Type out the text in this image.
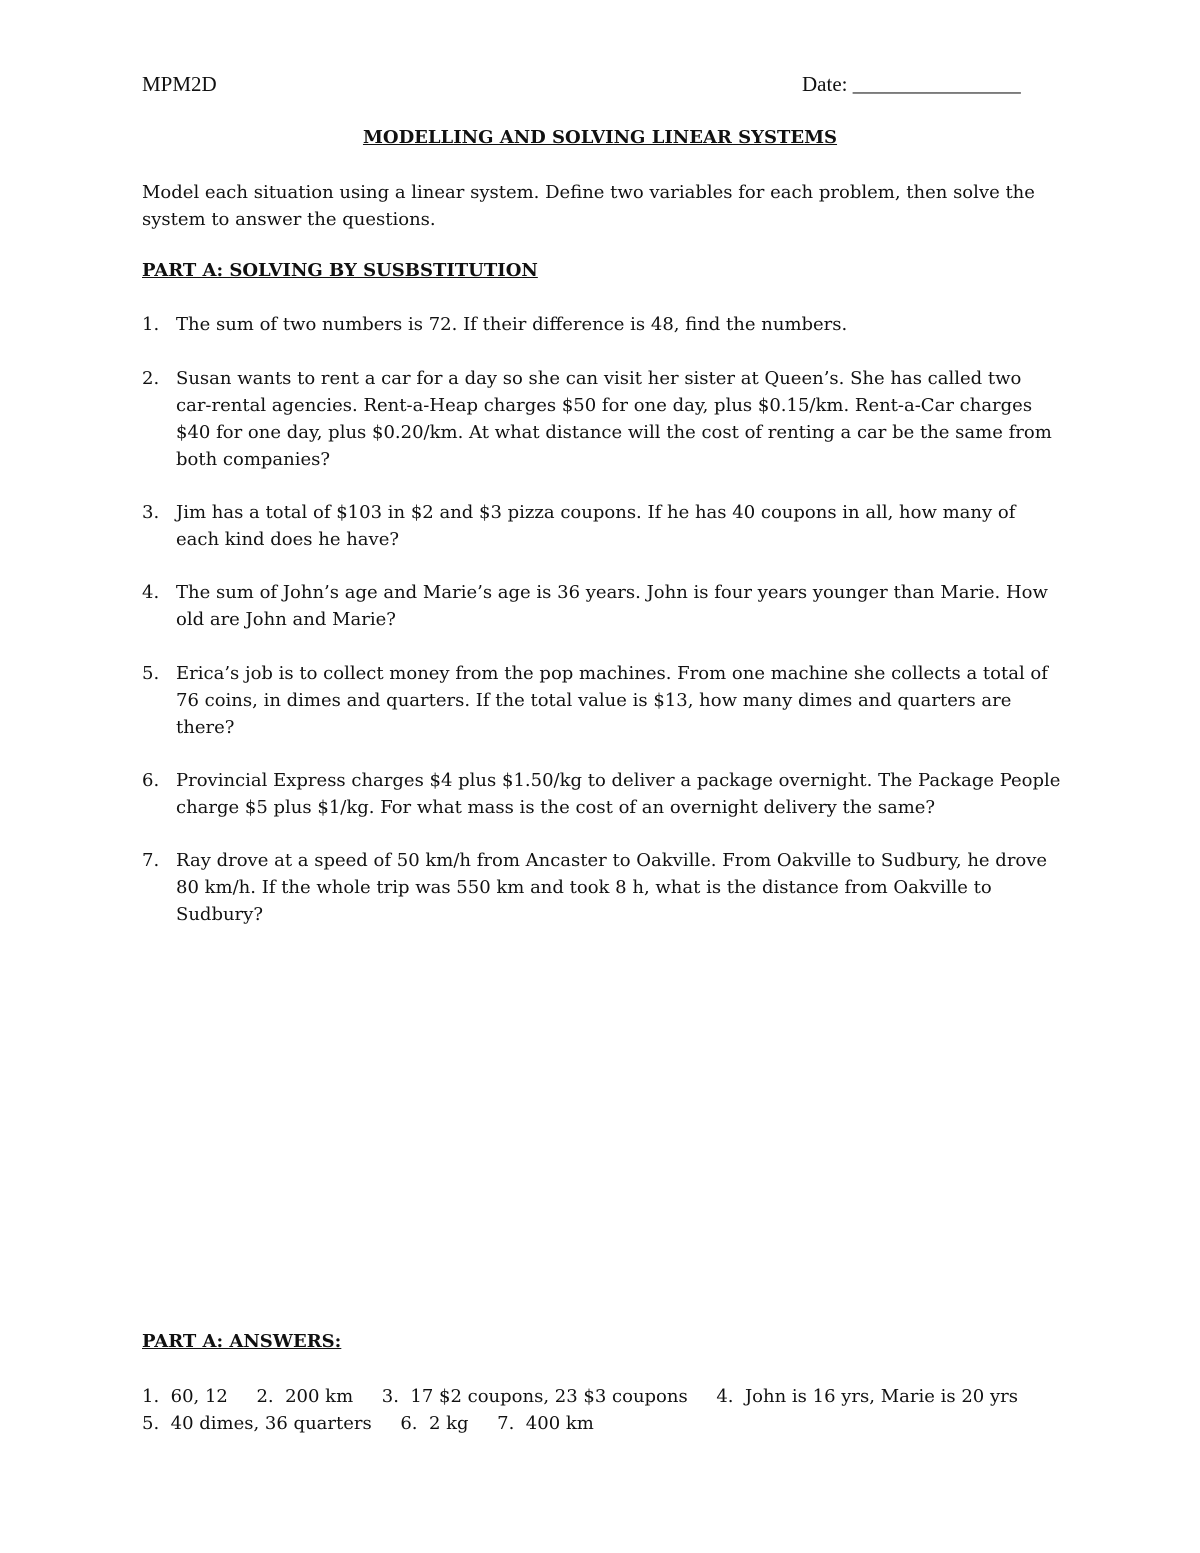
MPM2D	Date: ________________
MODELLING AND SOLVING LINEAR SYSTEMS
Model each situation using a linear system. Define two variables for each problem, then solve the system to answer the questions.
PART A: SOLVING BY SUSBSTITUTION
1. The sum of two numbers is 72. If their difference is 48, find the numbers.
2. Susan wants to rent a car for a day so she can visit her sister at Queen’s. She has called two car-rental agencies. Rent-a-Heap charges $50 for one day, plus $0.15/km. Rent-a-Car charges $40 for one day, plus $0.20/km. At what distance will the cost of renting a car be the same from both companies?
3. Jim has a total of $103 in $2 and $3 pizza coupons. If he has 40 coupons in all, how many of each kind does he have?
4. The sum of John’s age and Marie’s age is 36 years. John is four years younger than Marie. How old are John and Marie?
5. Erica’s job is to collect money from the pop machines. From one machine she collects a total of 76 coins, in dimes and quarters. If the total value is $13, how many dimes and quarters are there?
6. Provincial Express charges $4 plus $1.50/kg to deliver a package overnight. The Package People charge $5 plus $1/kg. For what mass is the cost of an overnight delivery the same?
7. Ray drove at a speed of 50 km/h from Ancaster to Oakville. From Oakville to Sudbury, he drove 80 km/h. If the whole trip was 550 km and took 8 h, what is the distance from Oakville to Sudbury?
PART A: ANSWERS:
1.  60, 12     2.  200 km     3.  17 $2 coupons, 23 $3 coupons     4.  John is 16 yrs, Marie is 20 yrs
5.  40 dimes, 36 quarters     6.  2 kg     7.  400 km
